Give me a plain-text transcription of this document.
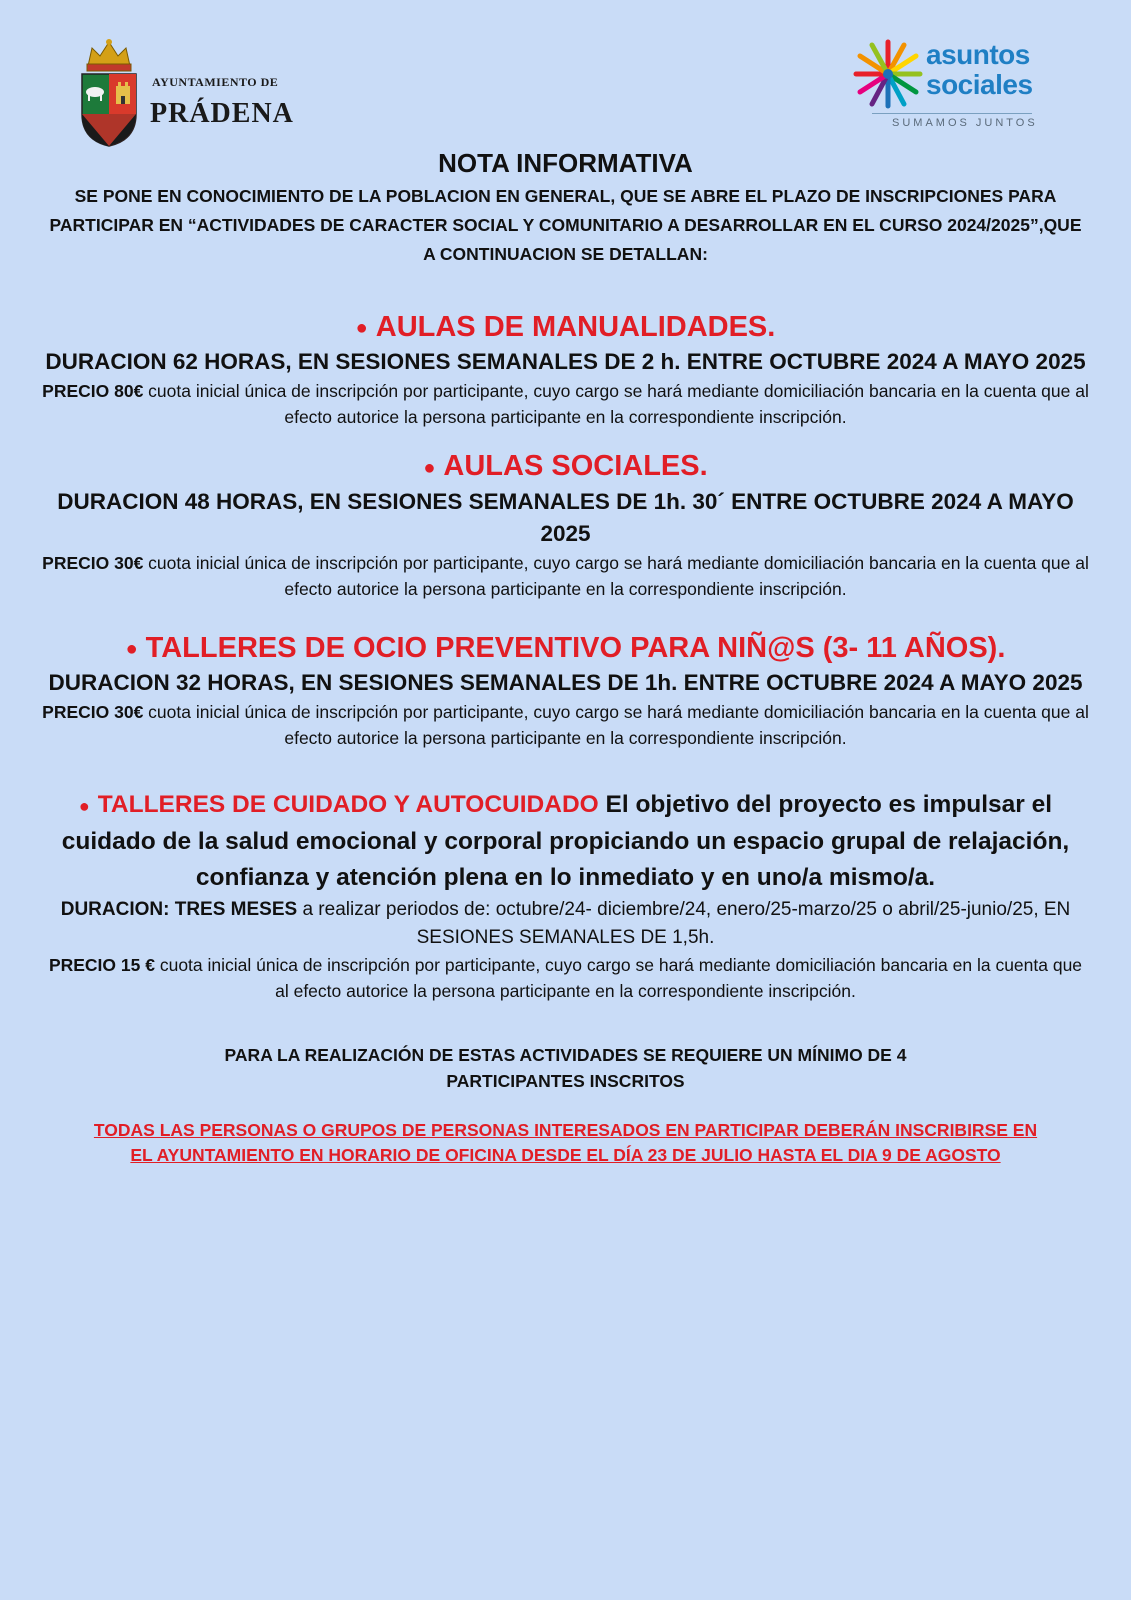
AYUNTAMIENTO DE
PRÁDENA
asuntos
sociales
SUMAMOS JUNTOS
NOTA INFORMATIVA
SE PONE EN CONOCIMIENTO DE LA POBLACION EN GENERAL, QUE SE ABRE EL PLAZO DE INSCRIPCIONES PARA PARTICIPAR EN “ACTIVIDADES DE CARACTER SOCIAL Y COMUNITARIO A DESARROLLAR EN EL CURSO 2024/2025”,QUE A CONTINUACION SE DETALLAN:
● AULAS DE MANUALIDADES.
DURACION 62 HORAS, EN SESIONES SEMANALES DE 2 h. ENTRE OCTUBRE 2024 A MAYO 2025
PRECIO 80€ cuota inicial única de inscripción por participante, cuyo cargo se hará mediante domiciliación bancaria en la cuenta que al efecto autorice la persona participante en la correspondiente inscripción.
● AULAS SOCIALES.
DURACION 48 HORAS, EN SESIONES SEMANALES DE 1h. 30´ ENTRE OCTUBRE 2024 A MAYO 2025
PRECIO 30€ cuota inicial única de inscripción por participante, cuyo cargo se hará mediante domiciliación bancaria en la cuenta que al efecto autorice la persona participante en la correspondiente inscripción.
● TALLERES DE OCIO PREVENTIVO PARA NIÑ@S (3- 11 AÑOS).
DURACION 32 HORAS, EN SESIONES SEMANALES DE 1h. ENTRE OCTUBRE 2024 A MAYO 2025
PRECIO 30€ cuota inicial única de inscripción por participante, cuyo cargo se hará mediante domiciliación bancaria en la cuenta que al efecto autorice la persona participante en la correspondiente inscripción.
● TALLERES DE CUIDADO Y AUTOCUIDADO El objetivo del proyecto es impulsar el cuidado de la salud emocional y corporal propiciando un espacio grupal de relajación, confianza y atención plena en lo inmediato y en uno/a mismo/a.
DURACION: TRES MESES a realizar periodos de: octubre/24- diciembre/24, enero/25-marzo/25 o abril/25-junio/25, EN SESIONES SEMANALES DE 1,5h.
PRECIO 15 € cuota inicial única de inscripción por participante, cuyo cargo se hará mediante domiciliación bancaria en la cuenta que al efecto autorice la persona participante en la correspondiente inscripción.
PARA LA REALIZACIÓN DE ESTAS ACTIVIDADES SE REQUIERE UN MÍNIMO DE 4 PARTICIPANTES INSCRITOS
TODAS LAS PERSONAS O GRUPOS DE PERSONAS INTERESADOS EN PARTICIPAR DEBERÁN INSCRIBIRSE EN EL AYUNTAMIENTO EN HORARIO DE OFICINA DESDE EL DÍA 23 DE JULIO HASTA EL DIA 9 DE AGOSTO
